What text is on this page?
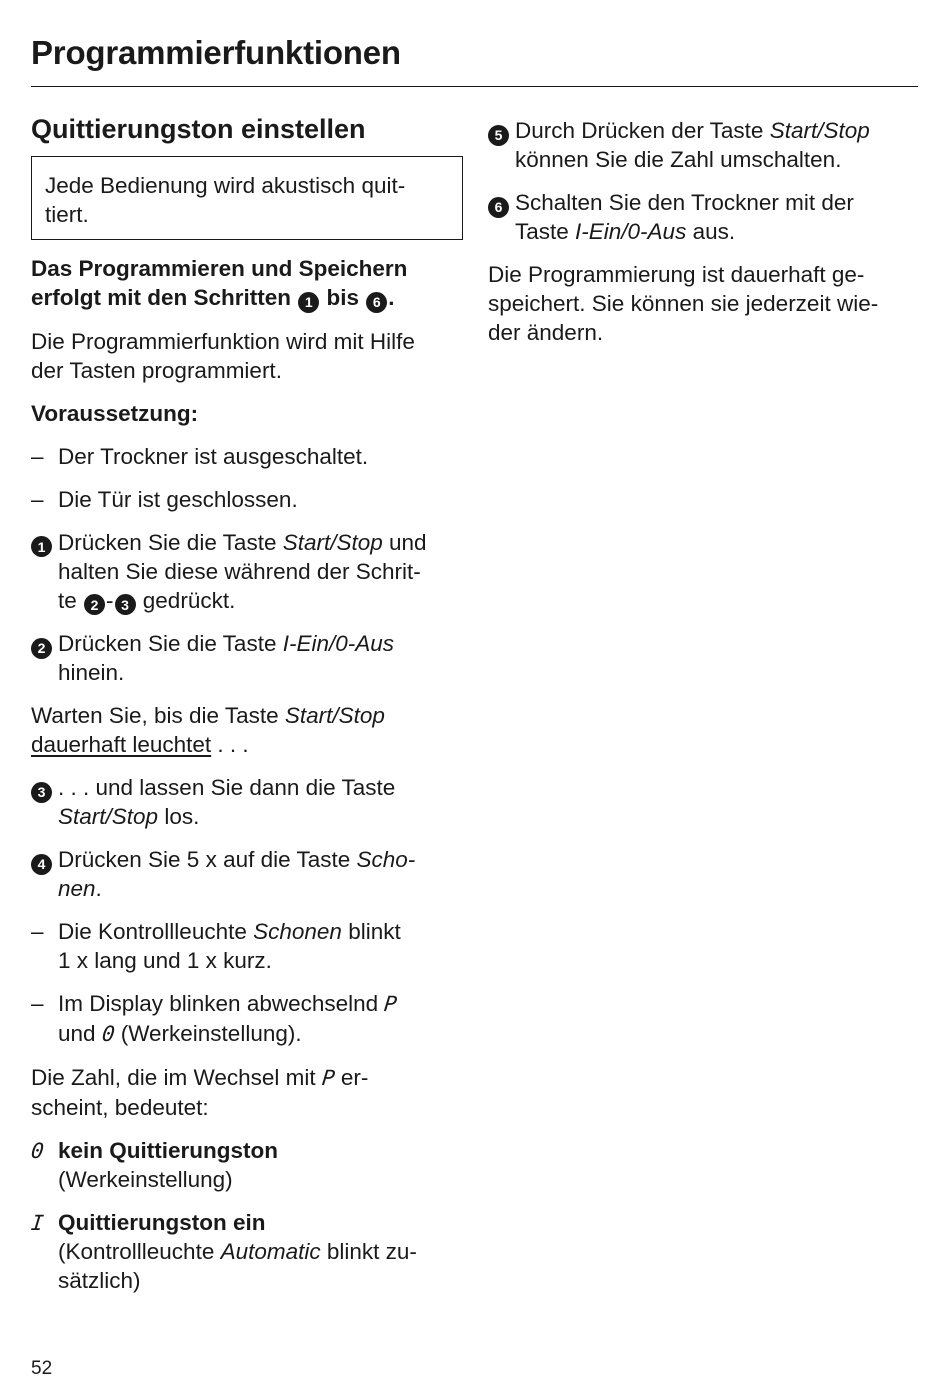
Programmierfunktionen
Quittierungston einstellen

Jede Bedienung wird akustisch quit-
tiert.

Das Programmieren und Speichern
erfolgt mit den Schritten 1 bis 6 .

Die Programmierfunktion wird mit Hilfe
der Tasten programmiert.

Voraussetzung:

– Der Trockner ist ausgeschaltet.
– Die Tür ist geschlossen.
1 Drücken Sie die Taste Start/Stop und
halten Sie diese während der Schrit-
te 2 - 3 gedrückt.
2 Drücken Sie die Taste I-Ein/0-Aus
hinein.

Warten Sie, bis die Taste Start/Stop
dauerhaft leuchtet . . .

3 . . . und lassen Sie dann die Taste
Start/Stop los.
4 Drücken Sie 5 x auf die Taste Scho-
nen.
– Die Kontrollleuchte Schonen blinkt
1 x lang und 1 x kurz.
– Im Display blinken abwechselnd P
und 0 (Werkeinstellung).

Die Zahl, die im Wechsel mit P er-
scheint, bedeutet:

0 kein Quittierungston
(Werkeinstellung)
I Quittierungston ein
(Kontrollleuchte Automatic blinkt zu-
sätzlich)
5 Durch Drücken der Taste Start/Stop
können Sie die Zahl umschalten.
6 Schalten Sie den Trockner mit der
Taste I-Ein/0-Aus aus.

Die Programmierung ist dauerhaft ge-
speichert. Sie können sie jederzeit wie-
der ändern.

52
